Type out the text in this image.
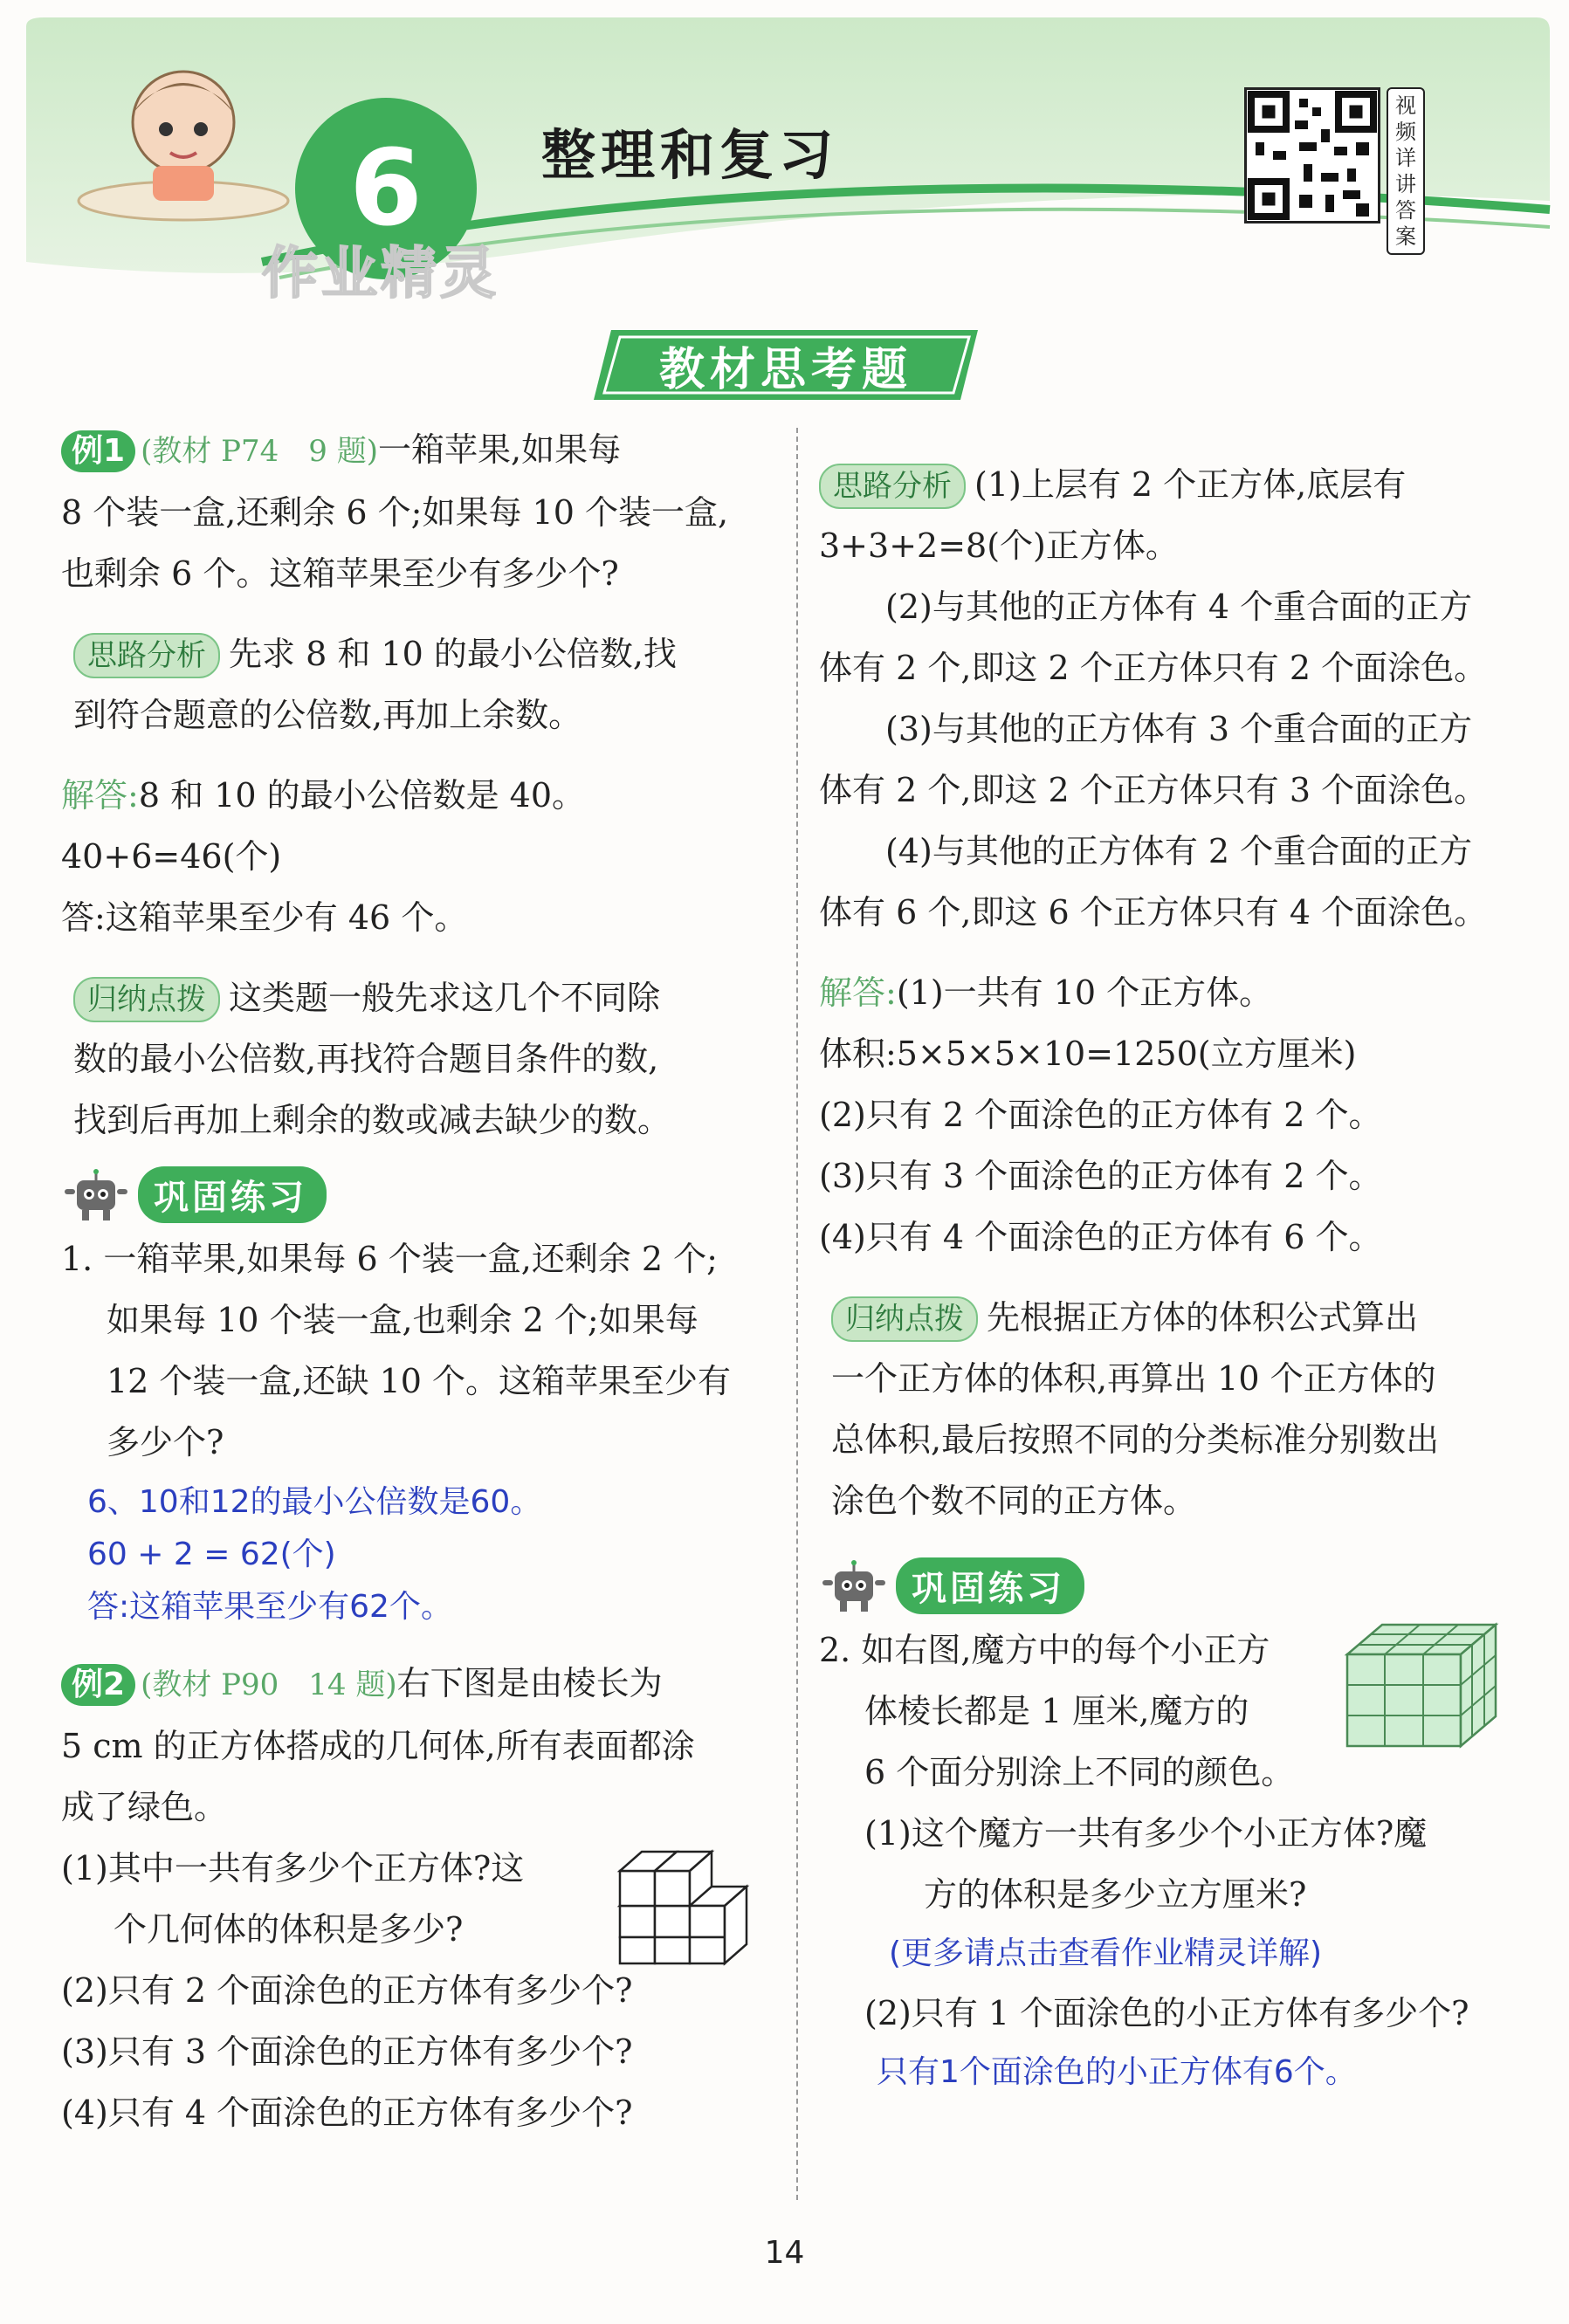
6	整理和复习
作业精灵
视频详讲答案
教材思考题

例1 (教材 P74　9 题)一箱苹果,如果每

8 个装一盒,还剩余 6 个;如果每 10 个装一盒,

也剩余 6 个。这箱苹果至少有多少个?

思路分析 先求 8 和 10 的最小公倍数,找

到符合题意的公倍数,再加上余数。

解答:8 和 10 的最小公倍数是 40。

40+6=46(个)

答:这箱苹果至少有 46 个。

归纳点拨 这类题一般先求这几个不同除

数的最小公倍数,再找符合题目条件的数,

找到后再加上剩余的数或减去缺少的数。

巩固练习

1. 一箱苹果,如果每 6 个装一盒,还剩余 2 个;

如果每 10 个装一盒,也剩余 2 个;如果每

12 个装一盒,还缺 10 个。这箱苹果至少有

多少个?

6、10和12的最小公倍数是60。

60 + 2 = 62(个)

答:这箱苹果至少有62个。

例2 (教材 P90　14 题)右下图是由棱长为

5 cm 的正方体搭成的几何体,所有表面都涂

成了绿色。

(1)其中一共有多少个正方体?这

个几何体的体积是多少?

(2)只有 2 个面涂色的正方体有多少个?

(3)只有 3 个面涂色的正方体有多少个?

(4)只有 4 个面涂色的正方体有多少个?

思路分析 (1)上层有 2 个正方体,底层有

3+3+2=8(个)正方体。

(2)与其他的正方体有 4 个重合面的正方

体有 2 个,即这 2 个正方体只有 2 个面涂色。

(3)与其他的正方体有 3 个重合面的正方

体有 2 个,即这 2 个正方体只有 3 个面涂色。

(4)与其他的正方体有 2 个重合面的正方

体有 6 个,即这 6 个正方体只有 4 个面涂色。

解答:(1)一共有 10 个正方体。

体积:5×5×5×10=1250(立方厘米)

(2)只有 2 个面涂色的正方体有 2 个。

(3)只有 3 个面涂色的正方体有 2 个。

(4)只有 4 个面涂色的正方体有 6 个。

归纳点拨 先根据正方体的体积公式算出

一个正方体的体积,再算出 10 个正方体的

总体积,最后按照不同的分类标准分别数出

涂色个数不同的正方体。

巩固练习

2. 如右图,魔方中的每个小正方

体棱长都是 1 厘米,魔方的

6 个面分别涂上不同的颜色。

(1)这个魔方一共有多少个小正方体?魔

方的体积是多少立方厘米?

(更多请点击查看作业精灵详解)

(2)只有 1 个面涂色的小正方体有多少个?

只有1个面涂色的小正方体有6个。

14
